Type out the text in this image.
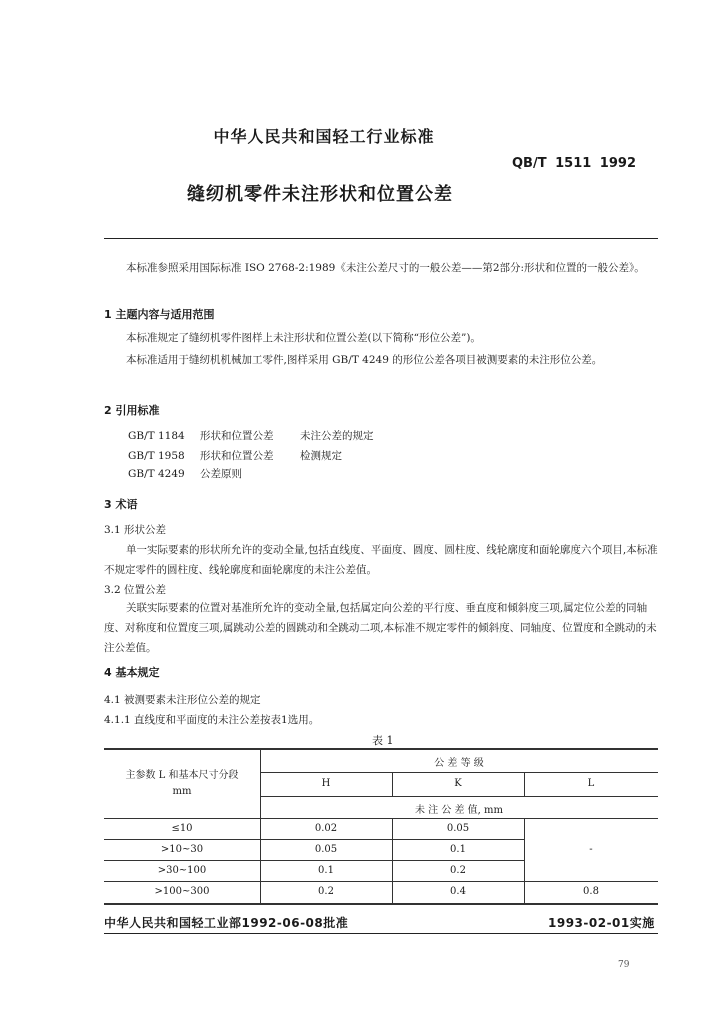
中华人民共和国轻工行业标准
QB/T 1511 1992
缝纫机零件未注形状和位置公差
本标准参照采用国际标准 ISO 2768-2:1989《未注公差尺寸的一般公差——第2部分:形状和位置的一般公差》。
1 主题内容与适用范围
本标准规定了缝纫机零件图样上未注形状和位置公差(以下简称“形位公差”)。
本标准适用于缝纫机机械加工零件,图样采用 GB/T 4249 的形位公差各项目被测要素的未注形位公差。
2 引用标准
GB/T 1184 形状和位置公差	未注公差的规定
GB/T 1958 形状和位置公差	检测规定
GB/T 4249 公差原则
3 术语
3.1 形状公差
单一实际要素的形状所允许的变动全量,包括直线度、平面度、圆度、圆柱度、线轮廓度和面轮廓度六个项目,本标准不规定零件的圆柱度、线轮廓度和面轮廓度的未注公差值。
3.2 位置公差
关联实际要素的位置对基准所允许的变动全量,包括属定向公差的平行度、垂直度和倾斜度三项,属定位公差的同轴度、对称度和位置度三项,属跳动公差的圆跳动和全跳动二项,本标准不规定零件的倾斜度、同轴度、位置度和全跳动的未注公差值。
4 基本规定
4.1 被测要素未注形位公差的规定
4.1.1 直线度和平面度的未注公差按表1选用。
表 1
主参数 L 和基本尺寸分段
mm
公 差 等 级
H	K	L
未 注 公 差 值, mm
≤10	0.02	0.05
>10~30	0.05	0.1	-
>30~100	0.1	0.2
>100~300	0.2	0.4	0.8
中华人民共和国轻工业部1992-06-08批准	1993-02-01实施
79
